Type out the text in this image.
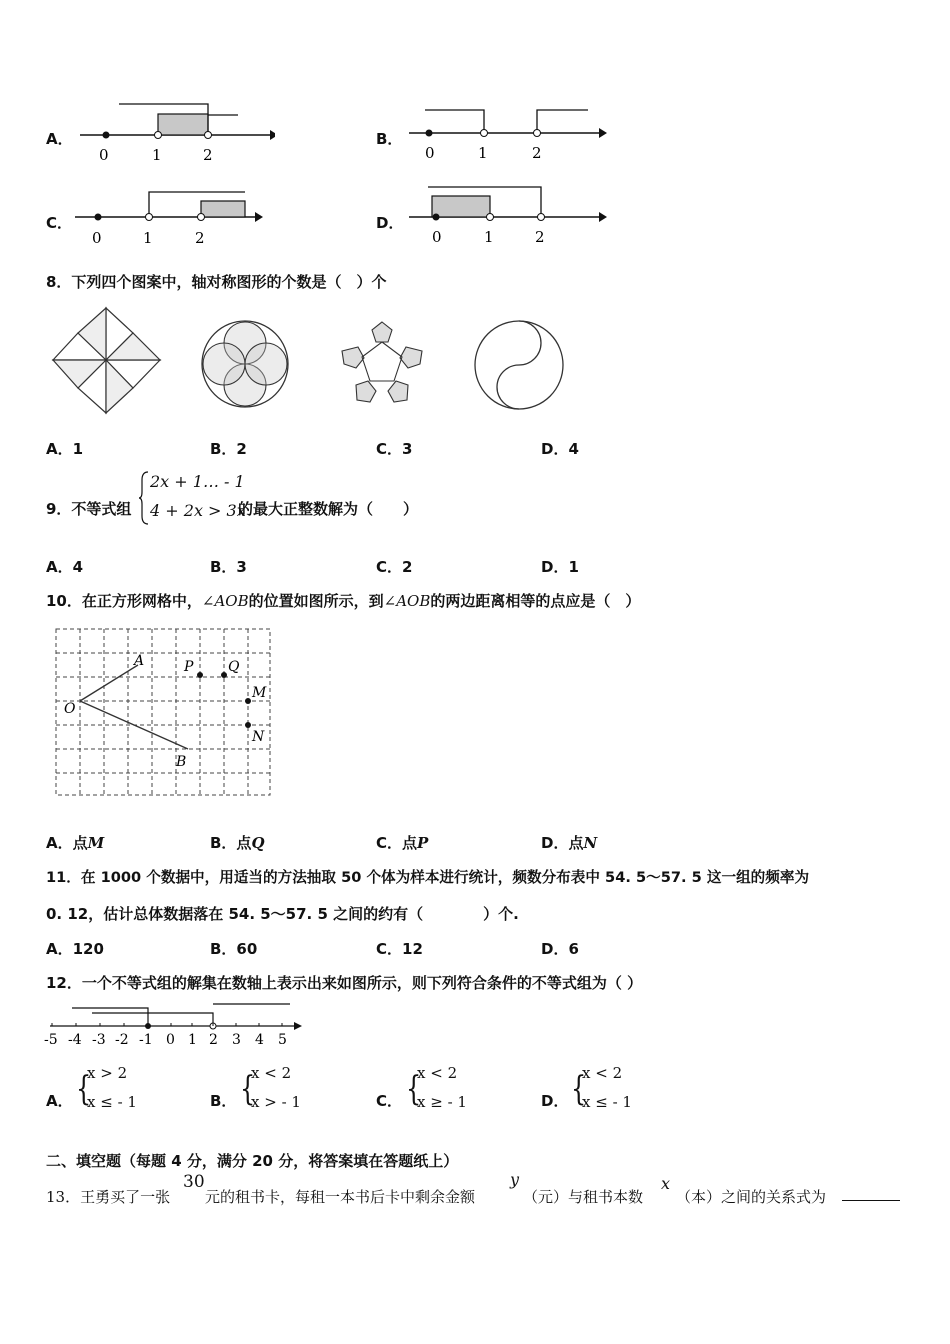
A．
0	1	2
B．
0	1	2
C．
0	1	2
D．
0	1	2
8．下列四个图案中，轴对称图形的个数是（　）个
A．1	B．2	C．3	D．4
9．不等式组
2x + 1… - 1
4 + 2x > 3x
的最大正整数解为（　　）
A．4	B．3	C．2	D．1
10．在正方形网格中，∠AOB的位置如图所示，到∠AOB的两边距离相等的点应是（　）
A
O
B
P Q
M
N
A．点M	B．点Q	C．点P	D．点N
11．在 1000 个数据中，用适当的方法抽取 50 个体为样本进行统计，频数分布表中 54. 5～57. 5 这一组的频率为
0. 12，估计总体数据落在 54. 5～57. 5 之间的约有（　　　　）个.
A．120	B．60	C．12	D．6
12．一个不等式组的解集在数轴上表示出来如图所示，则下列符合条件的不等式组为（ ）
-5 -4 -3 -2 -1 0 1 2 3 4 5
A． {
x > 2
x ≤ - 1	B． {
x < 2
x > - 1	C． {
x < 2
x ≥ - 1	D． {
x < 2
x ≤ - 1
二、填空题（每题 4 分，满分 20 分，将答案填在答题纸上）
13．王勇买了一张
30
元的租书卡，每租一本书后卡中剩余金额
y
（元）与租书本数
x
（本）之间的关系式为
